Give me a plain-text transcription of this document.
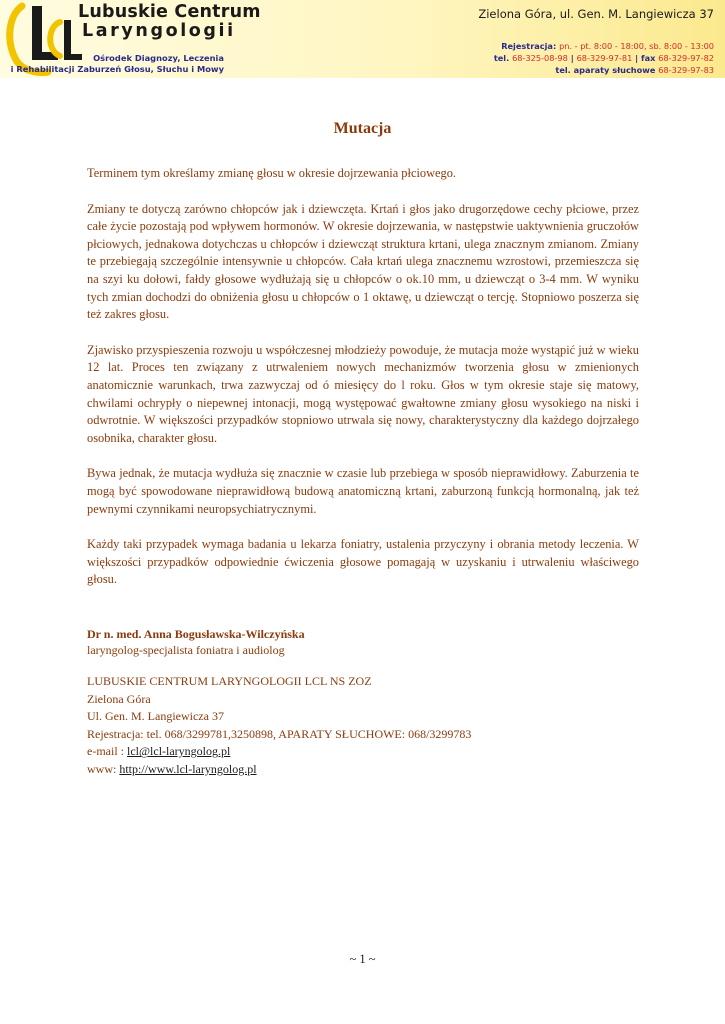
Lubuskie Centrum
Laryngologii
Ośrodek Diagnozy, Leczenia
i Rehabilitacji Zaburzeń Głosu, Słuchu i Mowy
Zielona Góra, ul. Gen. M. Langiewicza 37
Rejestracja: pn. - pt. 8:00 - 18:00, sb. 8:00 - 13:00
tel. 68-325-08-98 | 68-329-97-81 | fax 68-329-97-82
tel. aparaty słuchowe 68-329-97-83
Mutacja

Terminem tym określamy zmianę głosu w okresie dojrzewania płciowego.

Zmiany te dotyczą zarówno chłopców jak i dziewczęta. Krtań i głos jako drugorzędowe cechy płciowe, przez całe życie pozostają pod wpływem hormonów. W okresie dojrzewania, w następstwie uaktywnienia gruczołów płciowych, jednakowa dotychczas u chłopców i dziewcząt struktura krtani, ulega znacznym zmianom. Zmiany te przebiegają szczególnie intensywnie u chłopców. Cała krtań ulega znacznemu wzrostowi, przemieszcza się na szyi ku dołowi, fałdy głosowe wydłużają się u chłopców o ok.10 mm, u dziewcząt o 3-4 mm. W wyniku tych zmian dochodzi do obniżenia głosu u chłopców o 1 oktawę, u dziewcząt o tercję. Stopniowo poszerza się też zakres głosu.

Zjawisko przyspieszenia rozwoju u współczesnej młodzieży powoduje, że mutacja może wystąpić już w wieku 12 lat. Proces ten związany z utrwaleniem nowych mechanizmów tworzenia głosu w zmienionych anatomicznie warunkach, trwa zazwyczaj od ó miesięcy do l roku. Głos w tym okresie staje się matowy, chwilami ochrypły o niepewnej intonacji, mogą występować gwałtowne zmiany głosu wysokiego na niski i odwrotnie. W większości przypadków stopniowo utrwala się nowy, charakterystyczny dla każdego dojrzałego osobnika, charakter głosu.

Bywa jednak, że mutacja wydłuża się znacznie w czasie lub przebiega w sposób nieprawidłowy. Zaburzenia te mogą być spowodowane nieprawidłową budową anatomiczną krtani, zaburzoną funkcją hormonalną, jak też pewnymi czynnikami neuropsychiatrycznymi.

Każdy taki przypadek wymaga badania u lekarza foniatry, ustalenia przyczyny i obrania metody leczenia. W większości przypadków odpowiednie ćwiczenia głosowe pomagają w uzyskaniu i utrwaleniu właściwego głosu.

Dr n. med. Anna Bogusławska-Wilczyńska
laryngolog-specjalista foniatra i audiolog
LUBUSKIE CENTRUM LARYNGOLOGII LCL NS ZOZ
Zielona Góra
Ul. Gen. M. Langiewicza 37
Rejestracja: tel. 068/3299781,3250898, APARATY SŁUCHOWE: 068/3299783
e-mail : lcl@lcl-laryngolog.pl
www: http://www.lcl-laryngolog.pl
~ 1 ~
